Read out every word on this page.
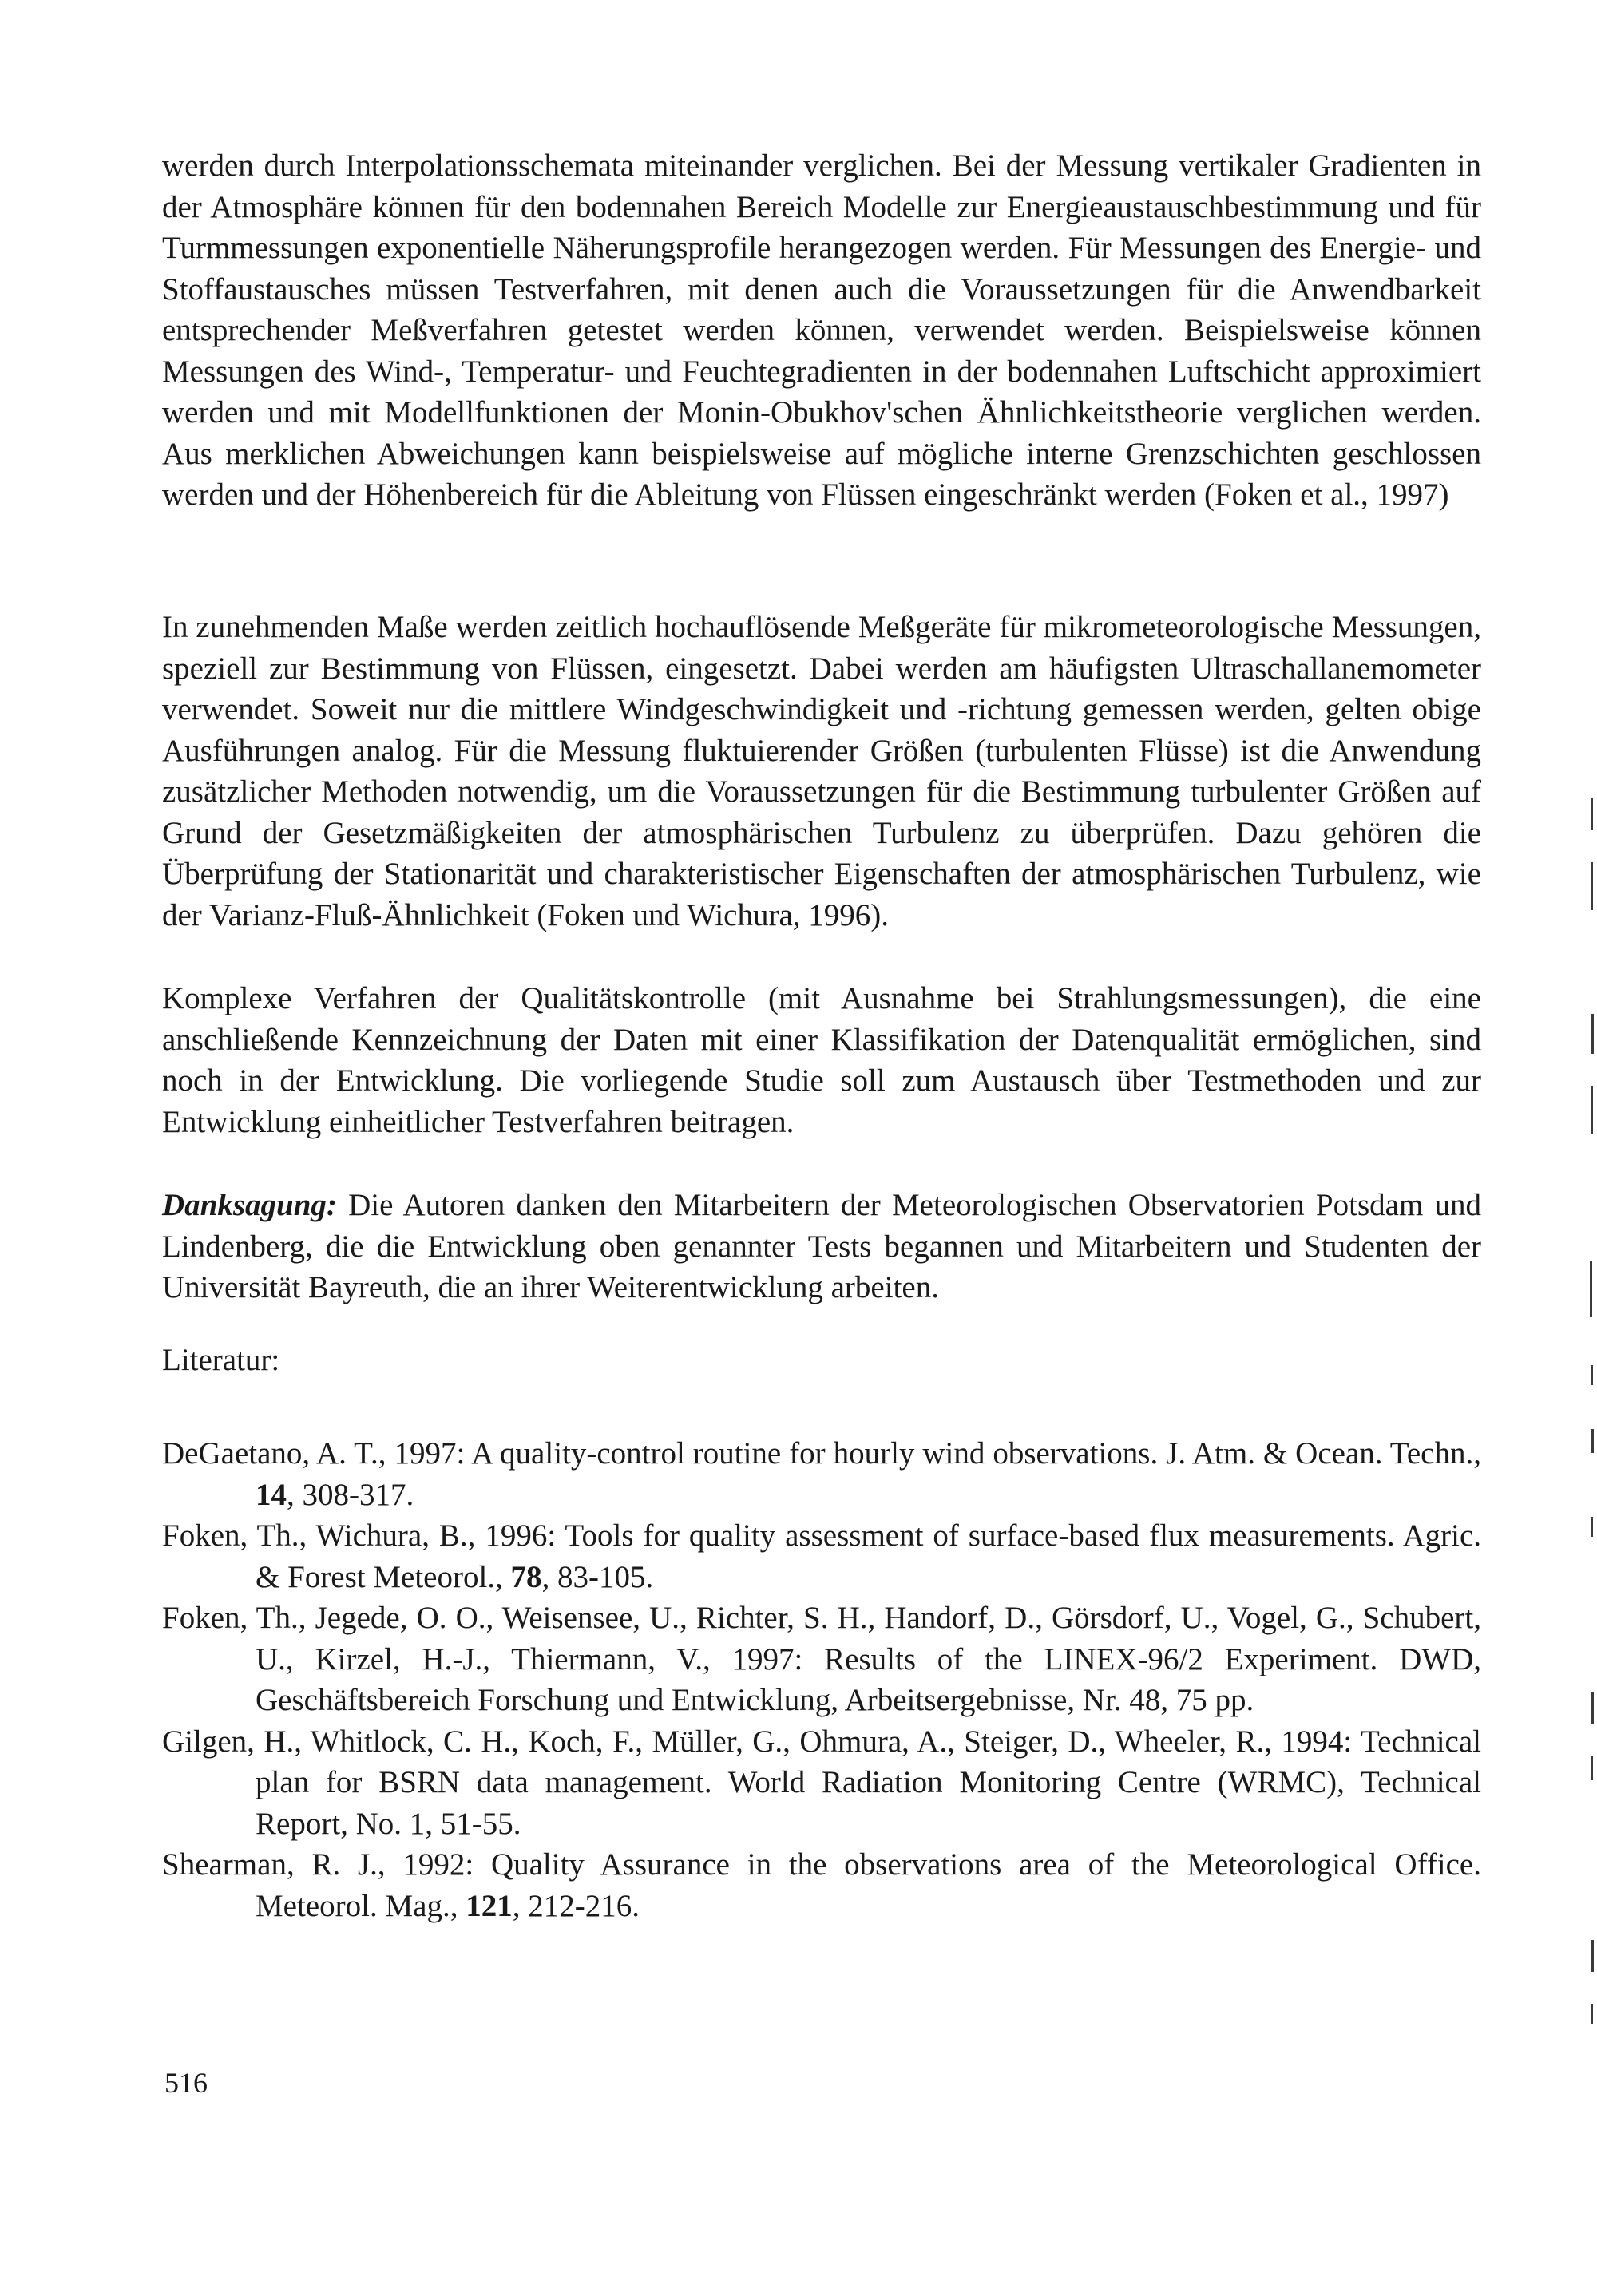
werden durch Interpolationsschemata miteinander verglichen. Bei der Messung vertikaler Gradienten in der Atmosphäre können für den bodennahen Bereich Modelle zur Energieaustauschbestimmung und für Turmmessungen exponentielle Näherungsprofile herangezogen werden. Für Messungen des Energie- und Stoffaustausches müssen Testverfahren, mit denen auch die Voraussetzungen für die Anwendbarkeit entsprechender Meßverfahren getestet werden können, verwendet werden. Beispielsweise können Messungen des Wind-, Temperatur- und Feuchtegradienten in der bodennahen Luftschicht approximiert werden und mit Modellfunktionen der Monin-Obukhov'schen Ähnlichkeitstheorie verglichen werden. Aus merklichen Abweichungen kann beispielsweise auf mögliche interne Grenzschichten geschlossen werden und der Höhenbereich für die Ableitung von Flüssen eingeschränkt werden (Foken et al., 1997)

In zunehmenden Maße werden zeitlich hochauflösende Meßgeräte für mikrometeorologische Messungen, speziell zur Bestimmung von Flüssen, eingesetzt. Dabei werden am häufigsten Ultraschallanemometer verwendet. Soweit nur die mittlere Windgeschwindigkeit und -richtung gemessen werden, gelten obige Ausführungen analog. Für die Messung fluktuierender Größen (turbulenten Flüsse) ist die Anwendung zusätzlicher Methoden notwendig, um die Voraussetzungen für die Bestimmung turbulenter Größen auf Grund der Gesetzmäßigkeiten der atmosphärischen Turbulenz zu überprüfen. Dazu gehören die Überprüfung der Stationarität und charakteristischer Eigenschaften der atmosphärischen Turbulenz, wie der Varianz-Fluß-Ähnlichkeit (Foken und Wichura, 1996).

Komplexe Verfahren der Qualitätskontrolle (mit Ausnahme bei Strahlungsmessungen), die eine anschließende Kennzeichnung der Daten mit einer Klassifikation der Datenqualität ermöglichen, sind noch in der Entwicklung. Die vorliegende Studie soll zum Austausch über Testmethoden und zur Entwicklung einheitlicher Testverfahren beitragen.

Danksagung: Die Autoren danken den Mitarbeitern der Meteorologischen Observatorien Potsdam und Lindenberg, die die Entwicklung oben genannter Tests begannen und Mitarbeitern und Studenten der Universität Bayreuth, die an ihrer Weiterentwicklung arbeiten.

Literatur:

DeGaetano, A. T., 1997: A quality-control routine for hourly wind observations. J. Atm. & Ocean. Techn., 14, 308-317.
Foken, Th., Wichura, B., 1996: Tools for quality assessment of surface-based flux measurements. Agric. & Forest Meteorol., 78, 83-105.
Foken, Th., Jegede, O. O., Weisensee, U., Richter, S. H., Handorf, D., Görsdorf, U., Vogel, G., Schubert, U., Kirzel, H.-J., Thiermann, V., 1997: Results of the LINEX-96/2 Experiment. DWD, Geschäftsbereich Forschung und Entwicklung, Arbeitsergebnisse, Nr. 48, 75 pp.
Gilgen, H., Whitlock, C. H., Koch, F., Müller, G., Ohmura, A., Steiger, D., Wheeler, R., 1994: Technical plan for BSRN data management. World Radiation Monitoring Centre (WRMC), Technical Report, No. 1, 51-55.
Shearman, R. J., 1992: Quality Assurance in the observations area of the Meteorological Office. Meteorol. Mag., 121, 212-216.

516
